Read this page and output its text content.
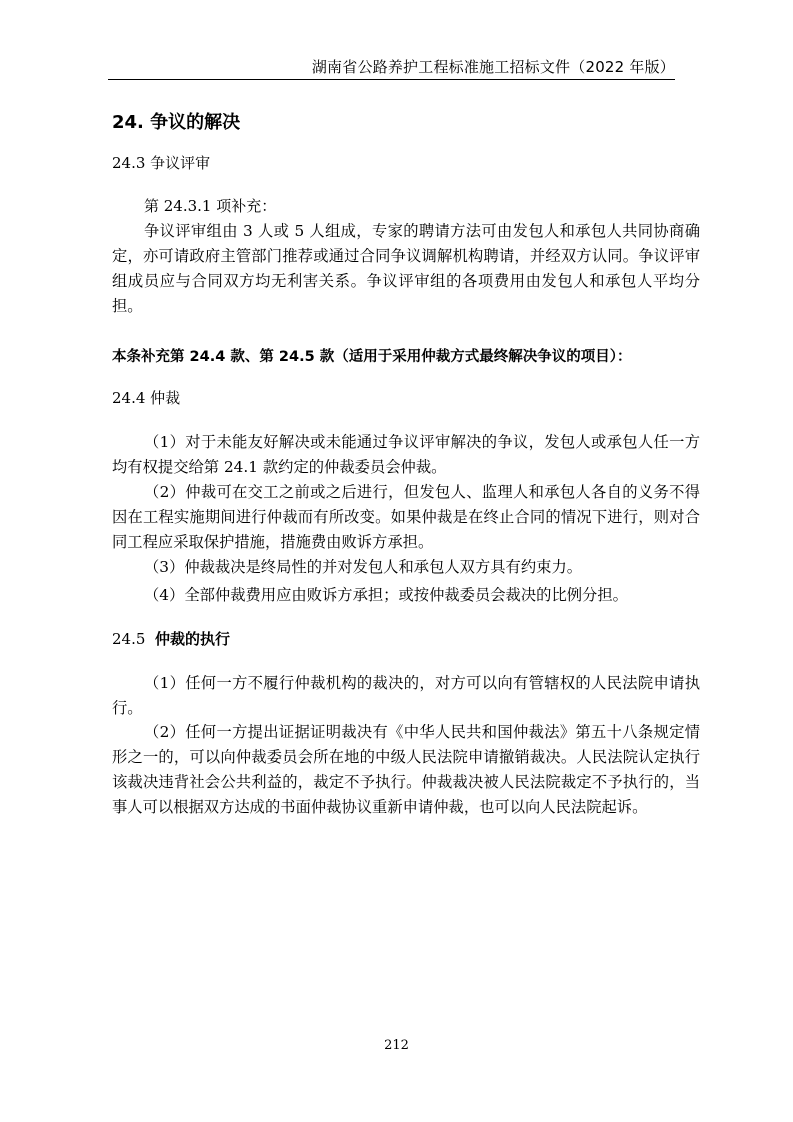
湖南省公路养护工程标准施工招标文件（2022 年版）
24. 争议的解决
24.3 争议评审

第 24.3.1 项补充：

争议评审组由 3 人或 5 人组成，专家的聘请方法可由发包人和承包人共同协商确定，亦可请政府主管部门推荐或通过合同争议调解机构聘请，并经双方认同。争议评审组成员应与合同双方均无利害关系。争议评审组的各项费用由发包人和承包人平均分担。

本条补充第 24.4 款、第 24.5 款（适用于采用仲裁方式最终解决争议的项目）：

24.4 仲裁

（1）对于未能友好解决或未能通过争议评审解决的争议，发包人或承包人任一方均有权提交给第 24.1 款约定的仲裁委员会仲裁。

（2）仲裁可在交工之前或之后进行，但发包人、监理人和承包人各自的义务不得因在工程实施期间进行仲裁而有所改变。如果仲裁是在终止合同的情况下进行，则对合同工程应采取保护措施，措施费由败诉方承担。

（3）仲裁裁决是终局性的并对发包人和承包人双方具有约束力。

（4）全部仲裁费用应由败诉方承担；或按仲裁委员会裁决的比例分担。

24.5 仲裁的执行

（1）任何一方不履行仲裁机构的裁决的，对方可以向有管辖权的人民法院申请执行。

（2）任何一方提出证据证明裁决有《中华人民共和国仲裁法》第五十八条规定情形之一的，可以向仲裁委员会所在地的中级人民法院申请撤销裁决。人民法院认定执行该裁决违背社会公共利益的，裁定不予执行。仲裁裁决被人民法院裁定不予执行的，当事人可以根据双方达成的书面仲裁协议重新申请仲裁，也可以向人民法院起诉。

212
